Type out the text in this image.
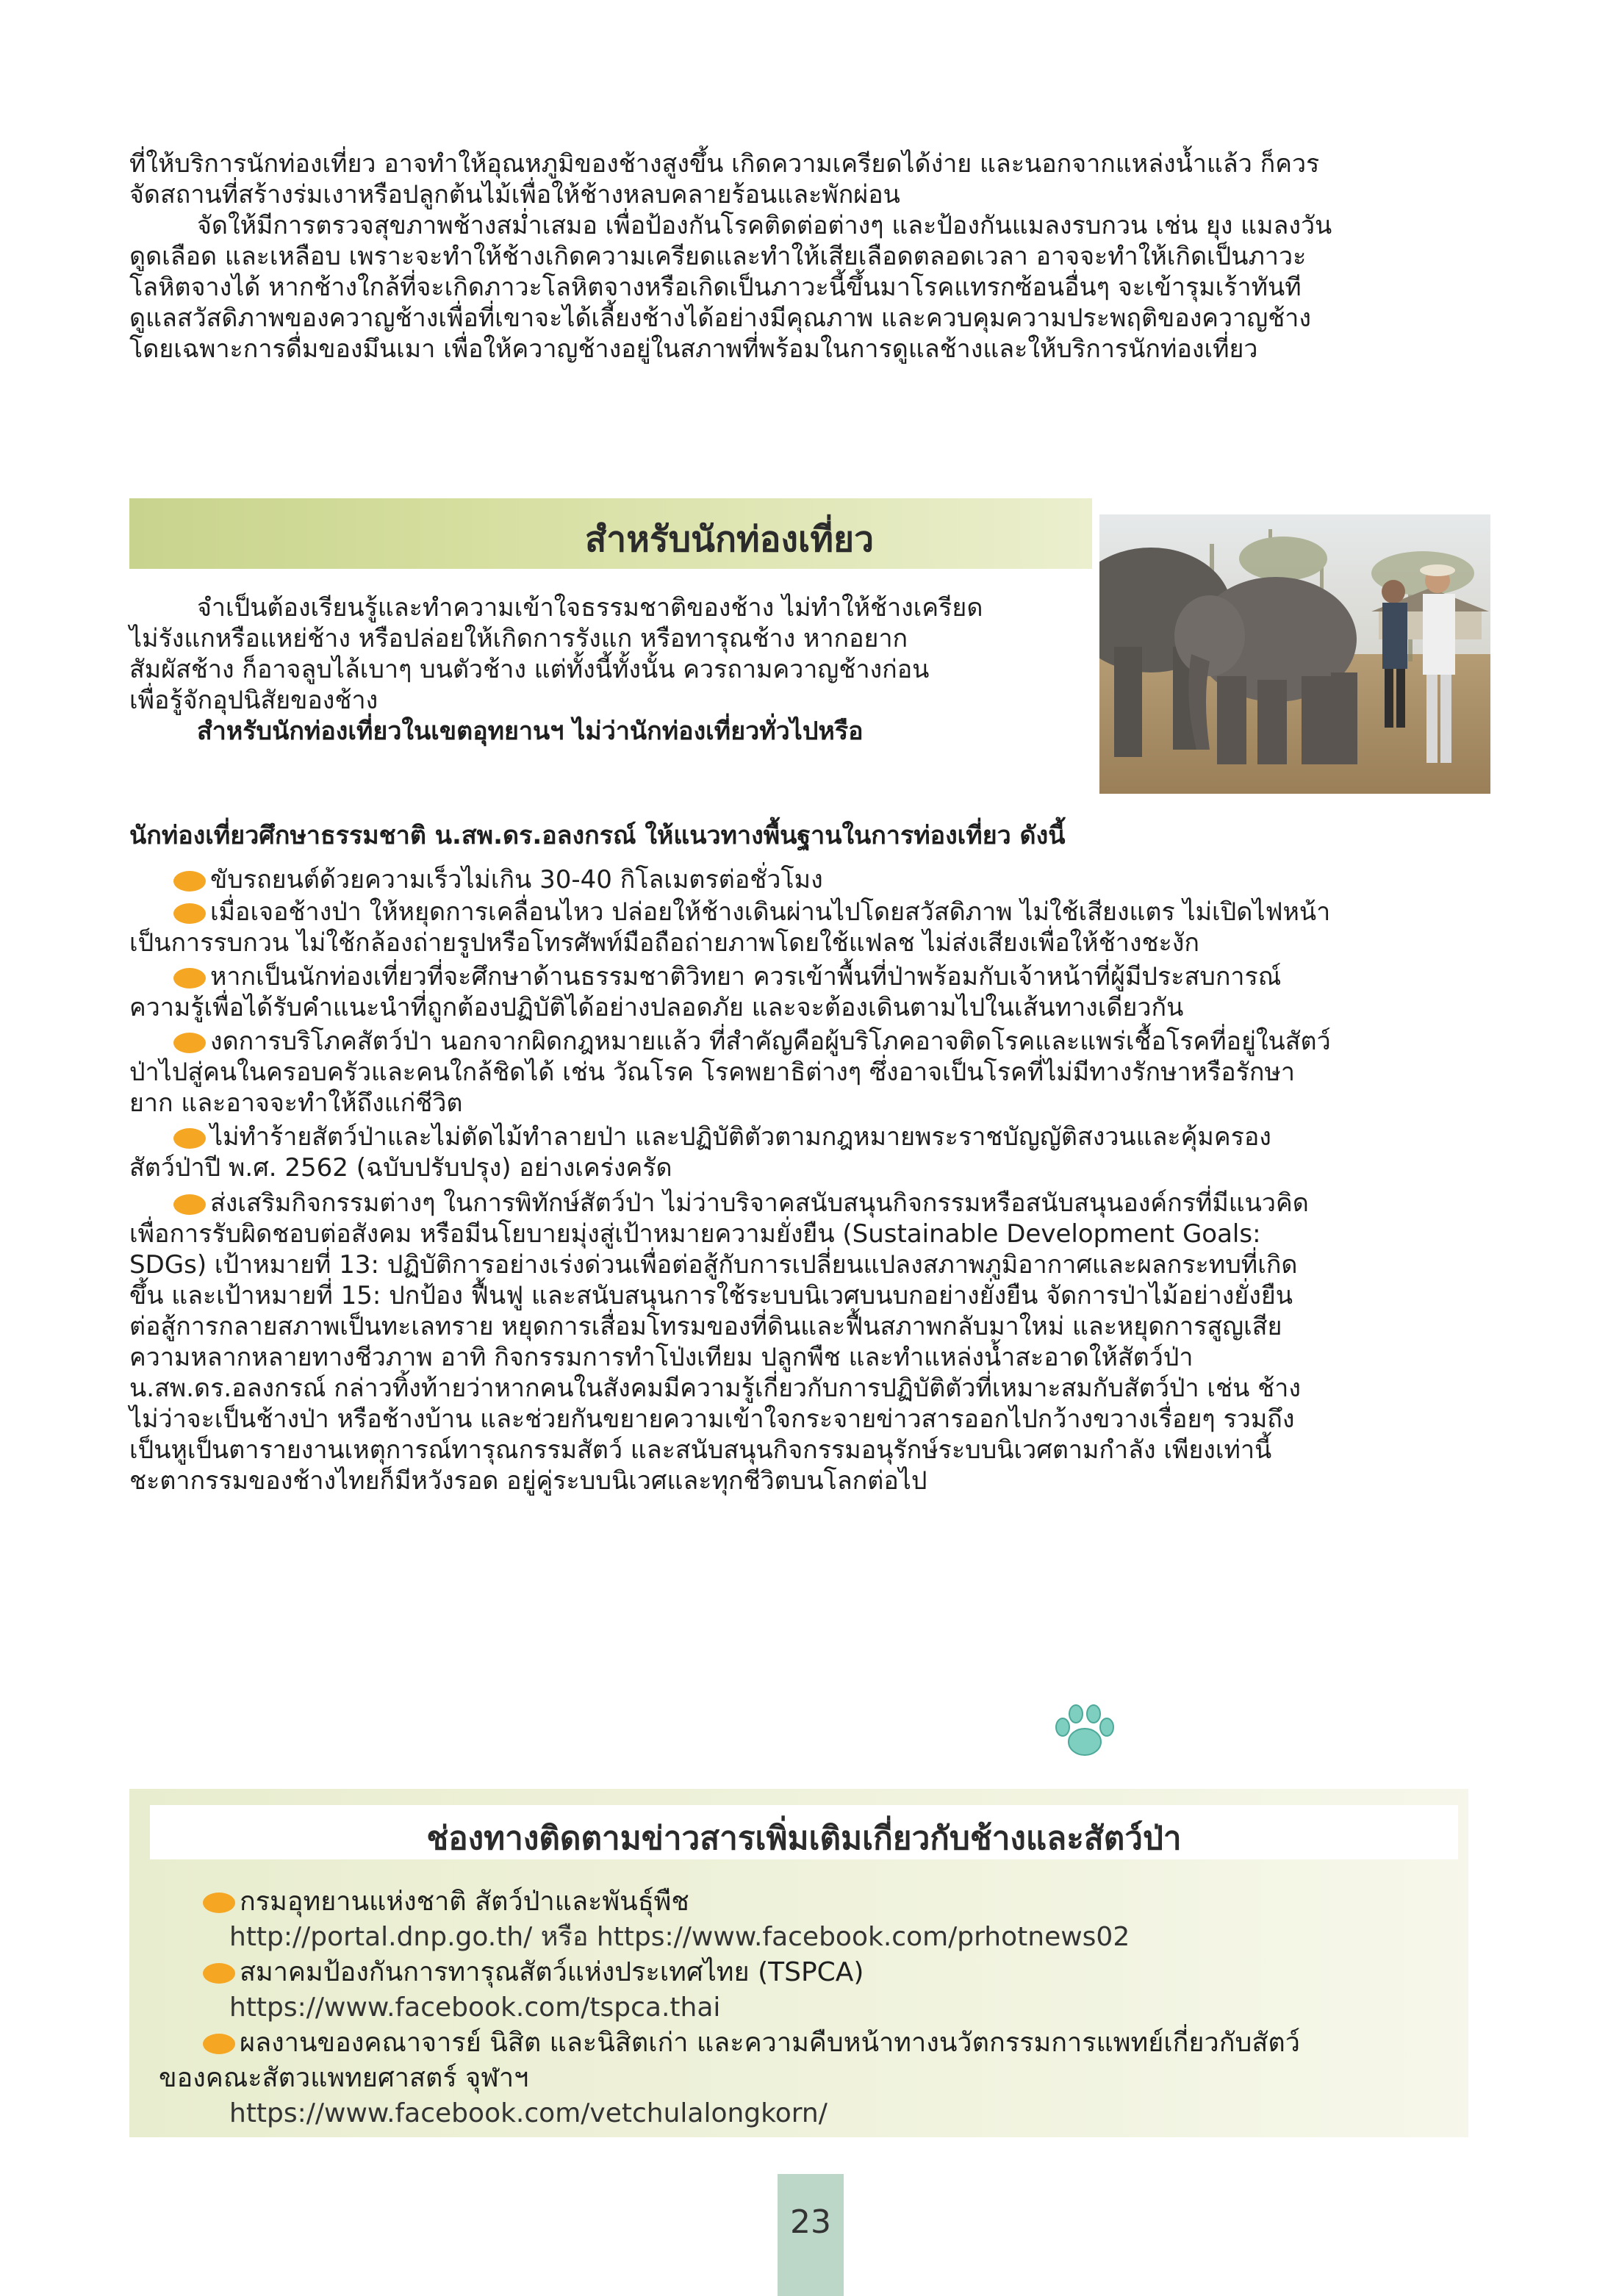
ที่ให้บริการนักท่องเที่ยว อาจทำให้อุณหภูมิของช้างสูงขึ้น เกิดความเครียดได้ง่าย และนอกจากแหล่งน้ำแล้ว ก็ควร
จัดสถานที่สร้างร่มเงาหรือปลูกต้นไม้เพื่อให้ช้างหลบคลายร้อนและพักผ่อน
จัดให้มีการตรวจสุขภาพช้างสม่ำเสมอ เพื่อป้องกันโรคติดต่อต่างๆ และป้องกันแมลงรบกวน เช่น ยุง แมลงวัน
ดูดเลือด และเหลือบ เพราะจะทำให้ช้างเกิดความเครียดและทำให้เสียเลือดตลอดเวลา อาจจะทำให้เกิดเป็นภาวะ
โลหิตจางได้ หากช้างใกล้ที่จะเกิดภาวะโลหิตจางหรือเกิดเป็นภาวะนี้ขึ้นมาโรคแทรกซ้อนอื่นๆ จะเข้ารุมเร้าทันที
ดูแลสวัสดิภาพของควาญช้างเพื่อที่เขาจะได้เลี้ยงช้างได้อย่างมีคุณภาพ และควบคุมความประพฤติของควาญช้าง
โดยเฉพาะการดื่มของมึนเมา เพื่อให้ควาญช้างอยู่ในสภาพที่พร้อมในการดูแลช้างและให้บริการนักท่องเที่ยว
สำหรับนักท่องเที่ยว
จำเป็นต้องเรียนรู้และทำความเข้าใจธรรมชาติของช้าง ไม่ทำให้ช้างเครียด
ไม่รังแกหรือแหย่ช้าง หรือปล่อยให้เกิดการรังแก หรือทารุณช้าง หากอยาก
สัมผัสช้าง ก็อาจลูบไล้เบาๆ บนตัวช้าง แต่ทั้งนี้ทั้งนั้น ควรถามควาญช้างก่อน
เพื่อรู้จักอุปนิสัยของช้าง
สำหรับนักท่องเที่ยวในเขตอุทยานฯ ไม่ว่านักท่องเที่ยวทั่วไปหรือ
นักท่องเที่ยวศึกษาธรรมชาติ น.สพ.ดร.อลงกรณ์ ให้แนวทางพื้นฐานในการท่องเที่ยว ดังนี้
ขับรถยนต์ด้วยความเร็วไม่เกิน 30-40 กิโลเมตรต่อชั่วโมง
เมื่อเจอช้างป่า ให้หยุดการเคลื่อนไหว ปล่อยให้ช้างเดินผ่านไปโดยสวัสดิภาพ ไม่ใช้เสียงแตร ไม่เปิดไฟหน้า
เป็นการรบกวน ไม่ใช้กล้องถ่ายรูปหรือโทรศัพท์มือถือถ่ายภาพโดยใช้แฟลช ไม่ส่งเสียงเพื่อให้ช้างชะงัก
หากเป็นนักท่องเที่ยวที่จะศึกษาด้านธรรมชาติวิทยา ควรเข้าพื้นที่ป่าพร้อมกับเจ้าหน้าที่ผู้มีประสบการณ์
ความรู้เพื่อได้รับคำแนะนำที่ถูกต้องปฏิบัติได้อย่างปลอดภัย และจะต้องเดินตามไปในเส้นทางเดียวกัน
งดการบริโภคสัตว์ป่า นอกจากผิดกฎหมายแล้ว ที่สำคัญคือผู้บริโภคอาจติดโรคและแพร่เชื้อโรคที่อยู่ในสัตว์
ป่าไปสู่คนในครอบครัวและคนใกล้ชิดได้ เช่น วัณโรค โรคพยาธิต่างๆ ซึ่งอาจเป็นโรคที่ไม่มีทางรักษาหรือรักษา
ยาก และอาจจะทำให้ถึงแก่ชีวิต
ไม่ทำร้ายสัตว์ป่าและไม่ตัดไม้ทำลายป่า และปฏิบัติตัวตามกฎหมายพระราชบัญญัติสงวนและคุ้มครอง
สัตว์ป่าปี พ.ศ. 2562 (ฉบับปรับปรุง) อย่างเคร่งครัด
ส่งเสริมกิจกรรมต่างๆ ในการพิทักษ์สัตว์ป่า ไม่ว่าบริจาคสนับสนุนกิจกรรมหรือสนับสนุนองค์กรที่มีแนวคิด
เพื่อการรับผิดชอบต่อสังคม หรือมีนโยบายมุ่งสู่เป้าหมายความยั่งยืน (Sustainable Development Goals:
SDGs) เป้าหมายที่ 13: ปฏิบัติการอย่างเร่งด่วนเพื่อต่อสู้กับการเปลี่ยนแปลงสภาพภูมิอากาศและผลกระทบที่เกิด
ขึ้น และเป้าหมายที่ 15: ปกป้อง ฟื้นฟู และสนับสนุนการใช้ระบบนิเวศบนบกอย่างยั่งยืน จัดการป่าไม้อย่างยั่งยืน
ต่อสู้การกลายสภาพเป็นทะเลทราย หยุดการเสื่อมโทรมของที่ดินและฟื้นสภาพกลับมาใหม่ และหยุดการสูญเสีย
ความหลากหลายทางชีวภาพ อาทิ กิจกรรมการทำโป่งเทียม ปลูกพืช และทำแหล่งน้ำสะอาดให้สัตว์ป่า
น.สพ.ดร.อลงกรณ์ กล่าวทิ้งท้ายว่าหากคนในสังคมมีความรู้เกี่ยวกับการปฏิบัติตัวที่เหมาะสมกับสัตว์ป่า เช่น ช้าง
ไม่ว่าจะเป็นช้างป่า หรือช้างบ้าน และช่วยกันขยายความเข้าใจกระจายข่าวสารออกไปกว้างขวางเรื่อยๆ รวมถึง
เป็นหูเป็นตารายงานเหตุการณ์ทารุณกรรมสัตว์ และสนับสนุนกิจกรรมอนุรักษ์ระบบนิเวศตามกำลัง เพียงเท่านี้
ชะตากรรมของช้างไทยก็มีหวังรอด อยู่คู่ระบบนิเวศและทุกชีวิตบนโลกต่อไป
ช่องทางติดตามข่าวสารเพิ่มเติมเกี่ยวกับช้างและสัตว์ป่า
กรมอุทยานแห่งชาติ สัตว์ป่าและพันธุ์พืช
http://portal.dnp.go.th/ หรือ https://www.facebook.com/prhotnews02
สมาคมป้องกันการทารุณสัตว์แห่งประเทศไทย (TSPCA)
https://www.facebook.com/tspca.thai
ผลงานของคณาจารย์ นิสิต และนิสิตเก่า และความคืบหน้าทางนวัตกรรมการแพทย์เกี่ยวกับสัตว์
ของคณะสัตวแพทยศาสตร์ จุฬาฯ
https://www.facebook.com/vetchulalongkorn/
23
